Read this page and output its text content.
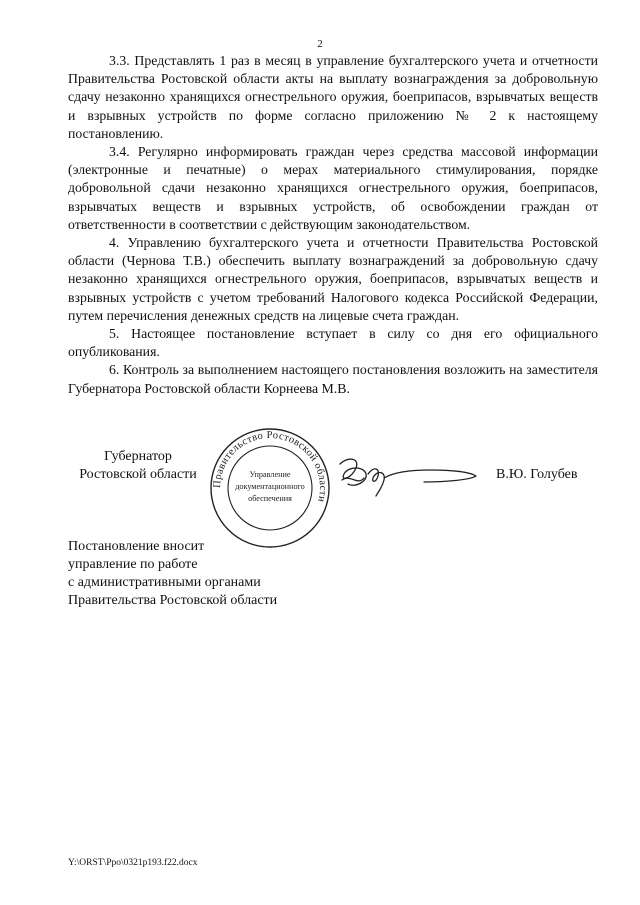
2

3.3. Представлять 1 раз в месяц в управление бухгалтерского учета и отчетности Правительства Ростовской области акты на выплату вознаграждения за добровольную сдачу незаконно хранящихся огнестрельного оружия, боеприпасов, взрывчатых веществ и взрывных устройств по форме согласно приложению № 2 к настоящему постановлению.

3.4. Регулярно информировать граждан через средства массовой информации (электронные и печатные) о мерах материального стимулирования, порядке добровольной сдачи незаконно хранящихся огнестрельного оружия, боеприпасов, взрывчатых веществ и взрывных устройств, об освобождении граждан от ответственности в соответствии с действующим законодательством.

4. Управлению бухгалтерского учета и отчетности Правительства Ростовской области (Чернова Т.В.) обеспечить выплату вознаграждений за добровольную сдачу незаконно хранящихся огнестрельного оружия, боеприпасов, взрывчатых веществ и взрывных устройств с учетом требований Налогового кодекса Российской Федерации, путем перечисления денежных средств на лицевые счета граждан.

5. Настоящее постановление вступает в силу со дня его официального опубликования.

6. Контроль за выполнением настоящего постановления возложить на заместителя Губернатора Ростовской области Корнеева М.В.

Губернатор
Ростовской области
Правительство Ростовской области
Управление
документационного
обеспечения
В.Ю. Голубев
Постановление вносит
управление по работе
с административными органами
Правительства Ростовской области
Y:\ORST\Ppo\0321p193.f22.docx
